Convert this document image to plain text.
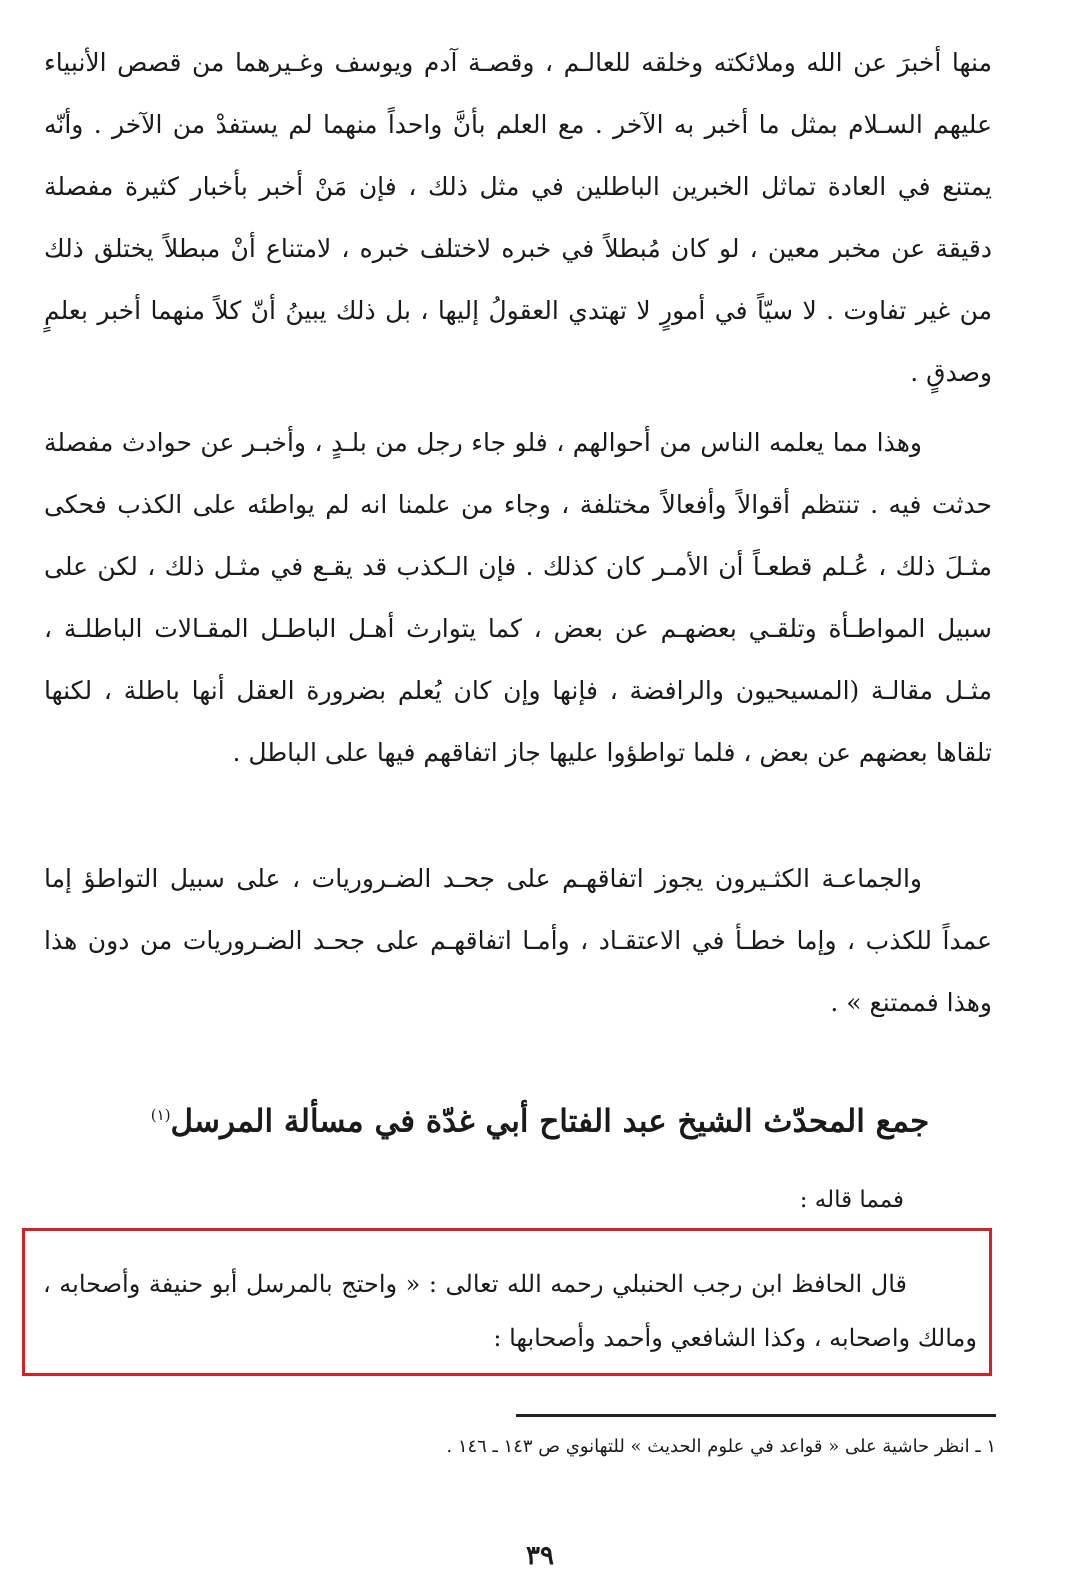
منها أخبرَ عن الله وملائكته وخلقه للعالـم ، وقصـة آدم ويوسف وغـيرهما من قصص الأنبياء عليهم السـلام بمثل ما أخبر به الآخر . مع العلم بأنَّ واحداً منهما لم يستفدْ من الآخر . وأنّه يمتنع في العادة تماثل الخبرين الباطلين في مثل ذلك ، فإن مَنْ أخبر بأخبار كثيرة مفصلة دقيقة عن مخبر معين ، لو كان مُبطلاً في خبره لاختلف خبره ، لامتناع أنْ مبطلاً يختلق ذلك من غير تفاوت . لا سيّاً في أمورٍ لا تهتدي العقولُ إليها ، بل ذلك يبينُ أنّ كلاً منهما أخبر بعلمٍ وصدقٍ .

وهذا مما يعلمه الناس من أحوالهم ، فلو جاء رجل من بلـدٍ ، وأخبـر عن حوادث مفصلة حدثت فيه . تنتظم أقوالاً وأفعالاً مختلفة ، وجاء من علمنا انه لم يواطئه على الكذب فحكى مثـلَ ذلك ، عُـلم قطعـاً أن الأمـر كان كذلك . فإن الـكذب قد يقـع في مثـل ذلك ، لكن على سبيل المواطـأة وتلقـي بعضهـم عن بعض ، كما يتوارث أهـل الباطـل المقـالات الباطلـة ، مثـل مقالـة (المسيحيون والرافضة ، فإنها وإن كان يُعلم بضرورة العقل أنها باطلة ، لكنها تلقاها بعضهم عن بعض ، فلما تواطؤوا عليها جاز اتفاقهم فيها على الباطل .

والجماعـة الكثـيرون يجوز اتفاقهـم على جحـد الضـروريات ، على سبيل التواطؤ إما عمداً للكذب ، وإما خطـأ في الاعتقـاد ، وأمـا اتفاقهـم على جحـد الضـروريات من دون هذا وهذا فممتنع » .

جمع المحدّث الشيخ عبد الفتاح أبي غدّة في مسألة المرسل$^{(١)}$

فمما قاله :

قال الحافظ ابن رجب الحنبلي رحمه الله تعالى : « واحتج بالمرسل أبو حنيفة وأصحابه ، ومالك واصحابه ، وكذا الشافعي وأحمد وأصحابها :

١ ـ انظر حاشية على « قواعد في علوم الحديث » للتهانوي ص ١٤٣ ـ ١٤٦ .

٣٩
